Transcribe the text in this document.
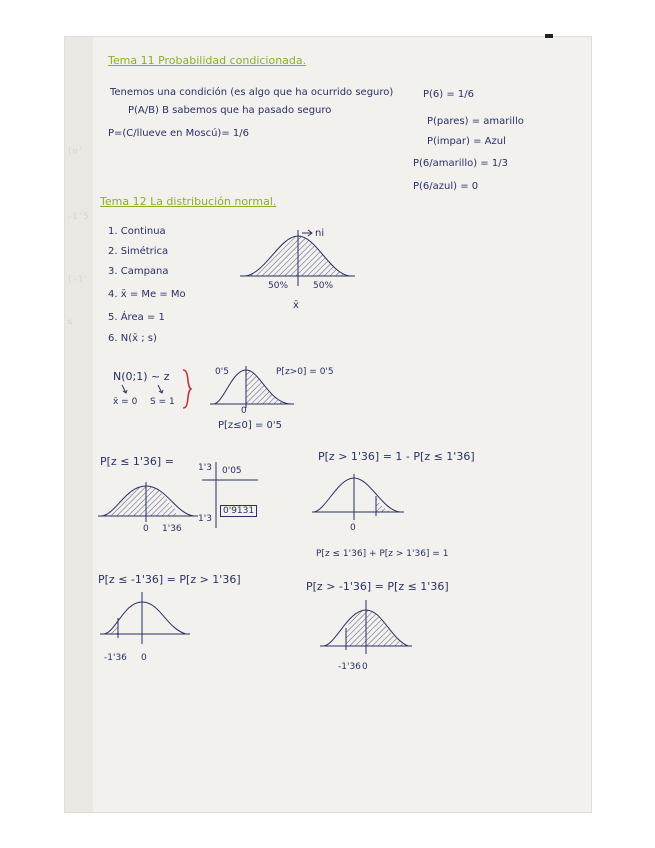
[o'
-1'5
[-1'
≤
Tema 11 Probabilidad condicionada.
Tenemos una condición (es algo que ha ocurrido seguro)
P(A/B) B sabemos que ha pasado seguro
P=(C/llueve en Moscú)= 1/6
P(6) = 1/6
P(pares) = amarillo
P(impar) = Azul
P(6/amarillo) = 1/3
P(6/azul) = 0
Tema 12 La distribución normal.
1. Continua
2. Simétrica
3. Campana
4. x̄ = Me = Mo
5. Área = 1
6. N(x̄ ; s)
ni
50%	50%
x̄
N(0;1) ~ z
x̄ = 0 S = 1
0'5	P[z>0] = 0'5
0
P[z≤0] = 0'5
P[z ≤ 1'36] =
0 1'36
1'3 0'05
1'3
0'9131
P[z > 1'36] = 1 - P[z ≤ 1'36]
0
P[z ≤ 1'36] + P[z > 1'36] = 1
P[z ≤ -1'36] = P[z > 1'36]
-1'36 0
P[z > -1'36] = P[z ≤ 1'36]
-1'36 0
